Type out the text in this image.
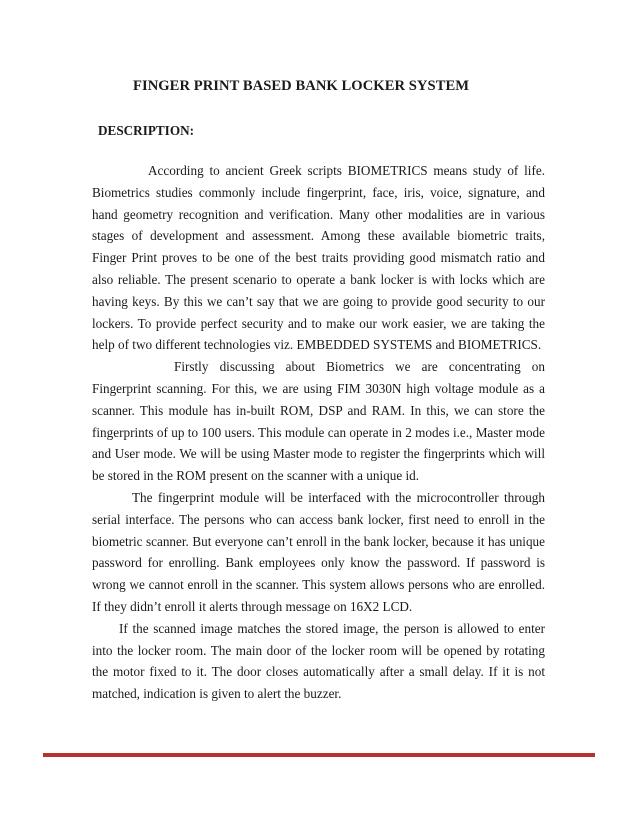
FINGER PRINT BASED BANK LOCKER SYSTEM
DESCRIPTION:

According to ancient Greek scripts BIOMETRICS means study of life. Biometrics studies commonly include fingerprint, face, iris, voice, signature, and hand geometry recognition and verification. Many other modalities are in various stages of development and assessment. Among these available biometric traits, Finger Print proves to be one of the best traits providing good mismatch ratio and also reliable. The present scenario to operate a bank locker is with locks which are having keys. By this we can’t say that we are going to provide good security to our lockers. To provide perfect security and to make our work easier, we are taking the help of two different technologies viz. EMBEDDED SYSTEMS and BIOMETRICS.

Firstly discussing about Biometrics we are concentrating on Fingerprint scanning. For this, we are using FIM 3030N high voltage module as a scanner. This module has in-built ROM, DSP and RAM. In this, we can store the fingerprints of up to 100 users. This module can operate in 2 modes i.e., Master mode and User mode. We will be using Master mode to register the fingerprints which will be stored in the ROM present on the scanner with a unique id.

The fingerprint module will be interfaced with the microcontroller through serial interface. The persons who can access bank locker, first need to enroll in the biometric scanner. But everyone can’t enroll in the bank locker, because it has unique password for enrolling. Bank employees only know the password. If password is wrong we cannot enroll in the scanner. This system allows persons who are enrolled. If they didn’t enroll it alerts through message on 16X2 LCD.

If the scanned image matches the stored image, the person is allowed to enter into the locker room. The main door of the locker room will be opened by rotating the motor fixed to it. The door closes automatically after a small delay. If it is not matched, indication is given to alert the buzzer.
